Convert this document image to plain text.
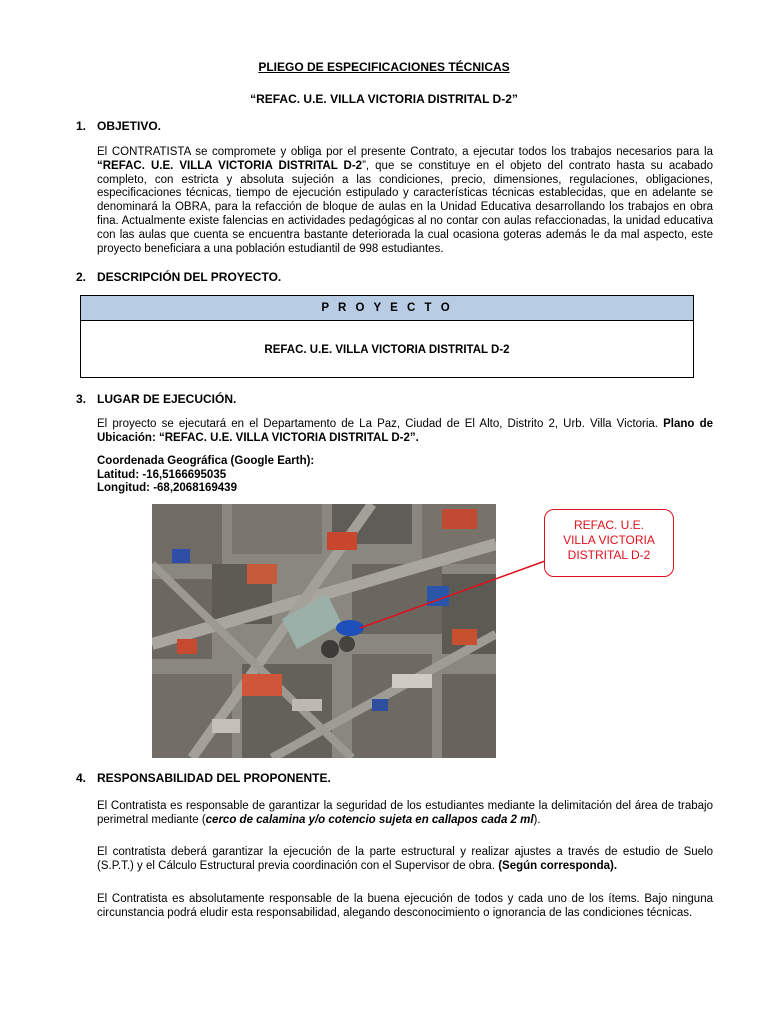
PLIEGO DE ESPECIFICACIONES TÉCNICAS
“REFAC. U.E. VILLA VICTORIA DISTRITAL D-2”
1. OBJETIVO.

El CONTRATISTA se compromete y obliga por el presente Contrato, a ejecutar todos los trabajos necesarios para la “REFAC. U.E. VILLA VICTORIA DISTRITAL D-2”, que se constituye en el objeto del contrato hasta su acabado completo, con estricta y absoluta sujeción a las condiciones, precio, dimensiones, regulaciones, obligaciones, especificaciones técnicas, tiempo de ejecución estipulado y características técnicas establecidas, que en adelante se denominará la OBRA, para la refacción de bloque de aulas en la Unidad Educativa desarrollando los trabajos en obra fina. Actualmente existe falencias en actividades pedagógicas al no contar con aulas refaccionadas, la unidad educativa con las aulas que cuenta se encuentra bastante deteriorada la cual ocasiona goteras además le da mal aspecto, este proyecto beneficiara a una población estudiantil de 998 estudiantes.

2. DESCRIPCIÓN DEL PROYECTO.
P R O Y E C T O
REFAC. U.E. VILLA VICTORIA DISTRITAL D-2
3. LUGAR DE EJECUCIÓN.

El proyecto se ejecutará en el Departamento de La Paz, Ciudad de El Alto, Distrito 2, Urb. Villa Victoria. Plano de Ubicación: “REFAC. U.E. VILLA VICTORIA DISTRITAL D-2”.

Coordenada Geográfica (Google Earth):
Latitud: -16,5166695035
Longitud: -68,2068169439

REFAC. U.E.

VILLA VICTORIA

DISTRITAL D-2

4. RESPONSABILIDAD DEL PROPONENTE.

El Contratista es responsable de garantizar la seguridad de los estudiantes mediante la delimitación del área de trabajo perimetral mediante (cerco de calamina y/o cotencio sujeta en callapos cada 2 ml).

El contratista deberá garantizar la ejecución de la parte estructural y realizar ajustes a través de estudio de Suelo (S.P.T.) y el Cálculo Estructural previa coordinación con el Supervisor de obra. (Según corresponda).

El Contratista es absolutamente responsable de la buena ejecución de todos y cada uno de los ítems. Bajo ninguna circunstancia podrá eludir esta responsabilidad, alegando desconocimiento o ignorancia de las condiciones técnicas.
